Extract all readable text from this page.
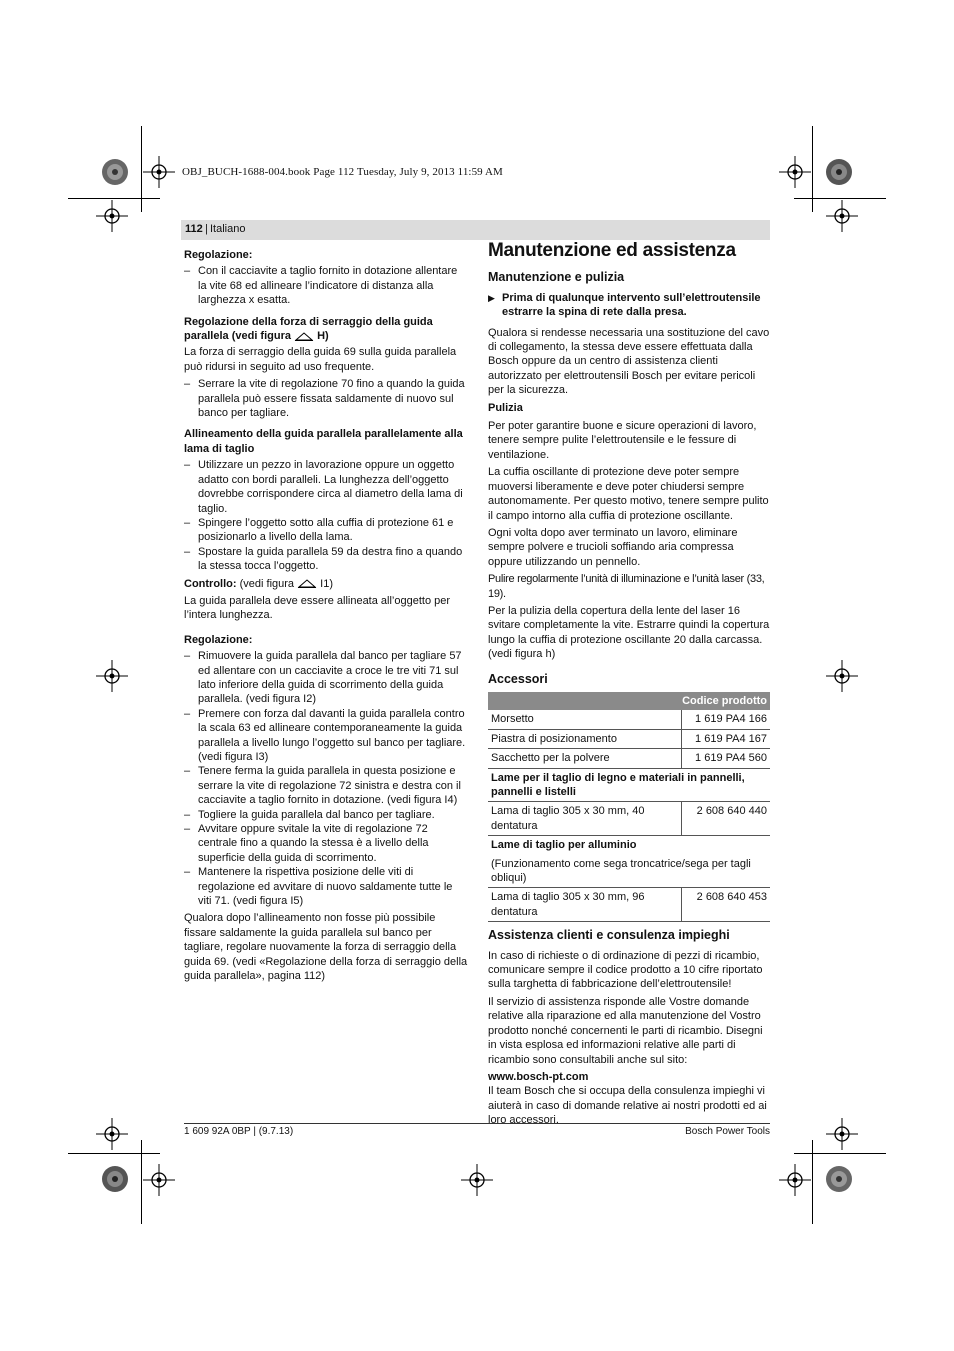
OBJ_BUCH-1688-004.book Page 112 Tuesday, July 9, 2013 11:59 AM
112 | Italiano
Regolazione:
– Con il cacciavite a taglio fornito in dotazione allentare la vite 68 ed allineare l’indicatore di distanza alla larghezza x esatta.
Regolazione della forza di serraggio della guida parallela (vedi figura H)

La forza di serraggio della guida 69 sulla guida parallela può ridursi in seguito ad uso frequente.

– Serrare la vite di regolazione 70 fino a quando la guida parallela può essere fissata saldamente di nuovo sul banco per tagliare.
Allineamento della guida parallela parallelamente alla lama di taglio
– Utilizzare un pezzo in lavorazione oppure un oggetto adatto con bordi paralleli. La lunghezza dell’oggetto dovrebbe corrispondere circa al diametro della lama di taglio.
– Spingere l’oggetto sotto alla cuffia di protezione 61 e posizionarlo a livello della lama.
– Spostare la guida parallela 59 da destra fino a quando la stessa tocca l’oggetto.
Controllo: (vedi figura I1)

La guida parallela deve essere allineata all’oggetto per l’intera lunghezza.

Regolazione:
– Rimuovere la guida parallela dal banco per tagliare 57 ed allentare con un cacciavite a croce le tre viti 71 sul lato inferiore della guida di scorrimento della guida parallela. (vedi figura I2)
– Premere con forza dal davanti la guida parallela contro la scala 63 ed allineare contemporaneamente la guida parallela a livello lungo l’oggetto sul banco per tagliare. (vedi figura I3)
– Tenere ferma la guida parallela in questa posizione e serrare la vite di regolazione 72 sinistra e destra con il cacciavite a taglio fornito in dotazione. (vedi figura I4)
– Togliere la guida parallela dal banco per tagliare.
– Avvitare oppure svitale la vite di regolazione 72 centrale fino a quando la stessa è a livello della superficie della guida di scorrimento.
– Mantenere la rispettiva posizione delle viti di regolazione ed avvitare di nuovo saldamente tutte le viti 71. (vedi figura I5)

Qualora dopo l’allineamento non fosse più possibile fissare saldamente la guida parallela sul banco per tagliare, regolare nuovamente la forza di serraggio della guida 69. (vedi «Regolazione della forza di serraggio della guida parallela», pagina 112)

Manutenzione ed assistenza
Manutenzione e pulizia
▶ Prima di qualunque intervento sull’elettroutensile estrarre la spina di rete dalla presa.

Qualora si rendesse necessaria una sostituzione del cavo di collegamento, la stessa deve essere effettuata dalla Bosch oppure da un centro di assistenza clienti autorizzato per elettroutensili Bosch per evitare pericoli per la sicurezza.

Pulizia

Per poter garantire buone e sicure operazioni di lavoro, tenere sempre pulite l’elettroutensile e le fessure di ventilazione.

La cuffia oscillante di protezione deve poter sempre muoversi liberamente e deve poter chiudersi sempre autonomamente. Per questo motivo, tenere sempre pulito il campo intorno alla cuffia di protezione oscillante.

Ogni volta dopo aver terminato un lavoro, eliminare sempre polvere e trucioli soffiando aria compressa oppure utilizzando un pennello.

Pulire regolarmente l’unità di illuminazione e l’unità laser (33, 19).

Per la pulizia della copertura della lente del laser 16 svitare completamente la vite. Estrarre quindi la copertura lungo la cuffia di protezione oscillante 20 dalla carcassa. (vedi figura h)

Accessori
Codice prodotto	
Morsetto	1 619 PA4 166
Piastra di posizionamento	1 619 PA4 167
Sacchetto per la polvere	1 619 PA4 560
Lame per il taglio di legno e materiali in pannelli, pannelli e listelli	
Lama di taglio 305 x 30 mm, 40 dentatura	2 608 640 440
Lame di taglio per alluminio	
(Funzionamento come sega troncatrice/sega per tagli obliqui)	
Lama di taglio 305 x 30 mm, 96 dentatura	2 608 640 453
Assistenza clienti e consulenza impieghi

In caso di richieste o di ordinazione di pezzi di ricambio, comunicare sempre il codice prodotto a 10 cifre riportato sulla targhetta di fabbricazione dell’elettroutensile!

Il servizio di assistenza risponde alle Vostre domande relative alla riparazione ed alla manutenzione del Vostro prodotto nonché concernenti le parti di ricambio. Disegni in vista esplosa ed informazioni relative alle parti di ricambio sono consultabili anche sul sito:

www.bosch-pt.com

Il team Bosch che si occupa della consulenza impieghi vi aiuterà in caso di domande relative ai nostri prodotti ed ai loro accessori.

1 609 92A 0BP | (9.7.13)	Bosch Power Tools
